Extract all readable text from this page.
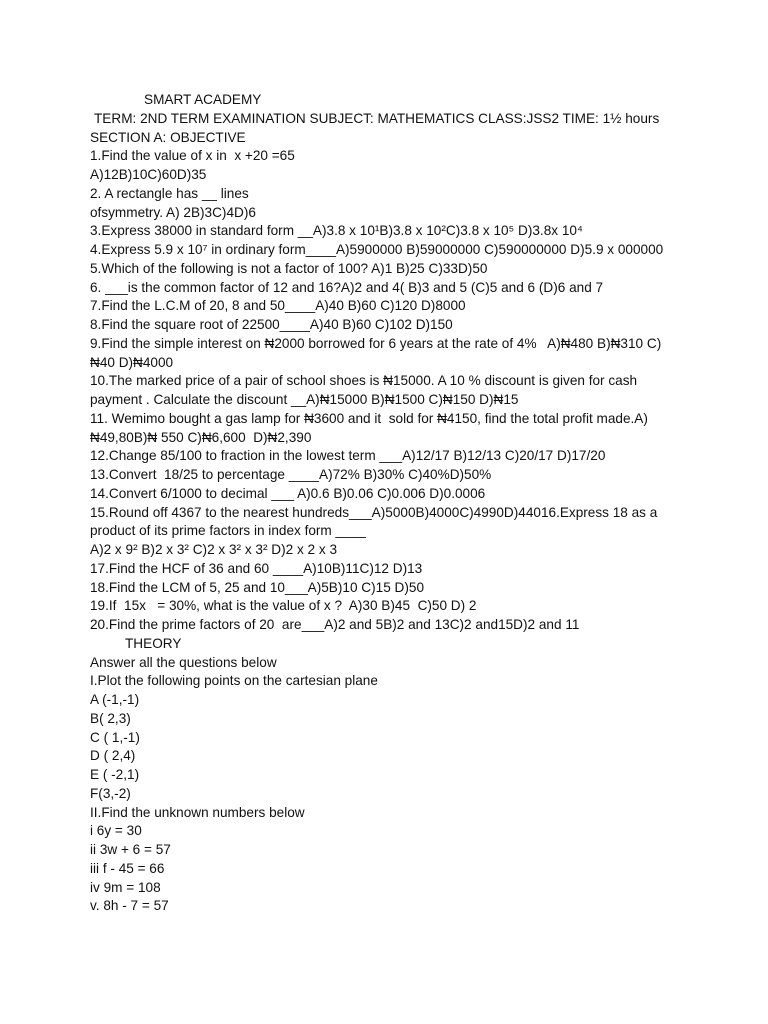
SMART ACADEMY
TERM: 2ND TERM EXAMINATION SUBJECT: MATHEMATICS CLASS:JSS2 TIME: 1½ hours
SECTION A: OBJECTIVE
1.Find the value of x in  x +20 =65
A)12B)10C)60D)35
2. A rectangle has __ lines
ofsymmetry. A) 2B)3C)4D)6
3.Express 38000 in standard form __A)3.8 x 10¹B)3.8 x 10²C)3.8 x 10⁵ D)3.8x 10⁴
4.Express 5.9 x 10⁷ in ordinary form____A)5900000 B)59000000 C)590000000 D)5.9 x 000000
5.Which of the following is not a factor of 100? A)1 B)25 C)33D)50
6. ___is the common factor of 12 and 16?A)2 and 4( B)3 and 5 (C)5 and 6 (D)6 and 7
7.Find the L.C.M of 20, 8 and 50____A)40 B)60 C)120 D)8000
8.Find the square root of 22500____A)40 B)60 C)102 D)150
9.Find the simple interest on ₦2000 borrowed for 6 years at the rate of 4%   A)₦480 B)₦310 C)
₦40 D)₦4000
10.The marked price of a pair of school shoes is ₦15000. A 10 % discount is given for cash
payment . Calculate the discount __A)₦15000 B)₦1500 C)₦150 D)₦15
11. Wemimo bought a gas lamp for ₦3600 and it  sold for ₦4150, find the total profit made.A)
₦49,80B)₦ 550 C)₦6,600  D)₦2,390
12.Change 85/100 to fraction in the lowest term ___A)12/17 B)12/13 C)20/17 D)17/20
13.Convert  18/25 to percentage ____A)72% B)30% C)40%D)50%
14.Convert 6/1000 to decimal ___ A)0.6 B)0.06 C)0.006 D)0.0006
15.Round off 4367 to the nearest hundreds___A)5000B)4000C)4990D)44016.Express 18 as a
product of its prime factors in index form ____
A)2 x 9² B)2 x 3² C)2 x 3² x 3² D)2 x 2 x 3
17.Find the HCF of 36 and 60 ____A)10B)11C)12 D)13
18.Find the LCM of 5, 25 and 10___A)5B)10 C)15 D)50
19.If  15x   = 30%, what is the value of x ?  A)30 B)45  C)50 D) 2
20.Find the prime factors of 20  are___A)2 and 5B)2 and 13C)2 and15D)2 and 11
THEORY
Answer all the questions below
I.Plot the following points on the cartesian plane
A (-1,-1)
B( 2,3)
C ( 1,-1)
D ( 2,4)
E ( -2,1)
F(3,-2)
II.Find the unknown numbers below
i 6y = 30
ii 3w + 6 = 57
iii f - 45 = 66
iv 9m = 108
v. 8h - 7 = 57
